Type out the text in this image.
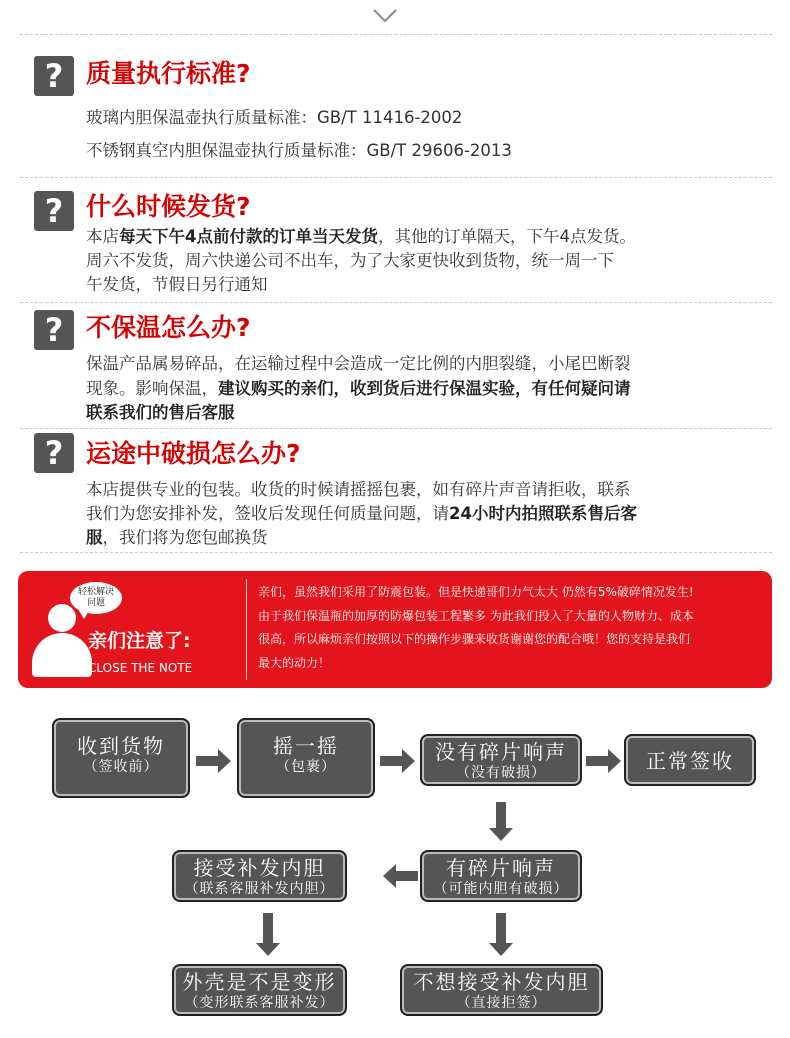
? 质量执行标准?
玻璃内胆保温壶执行质量标准：GB/T 11416-2002
不锈钢真空内胆保温壶执行质量标准：GB/T 29606-2013
? 什么时候发货?
本店每天下午4点前付款的订单当天发货，其他的订单隔天，下午4点发货。
周六不发货，周六快递公司不出车，为了大家更快收到货物，统一周一下
午发货，节假日另行通知
? 不保温怎么办?
保温产品属易碎品，在运输过程中会造成一定比例的内胆裂缝，小尾巴断裂
现象。影响保温，建议购买的亲们，收到货后进行保温实验，有任何疑问请
联系我们的售后客服
? 运途中破损怎么办?
本店提供专业的包装。收货的时候请摇摇包裹，如有碎片声音请拒收，联系
我们为您安排补发，签收后发现任何质量问题，请24小时内拍照联系售后客
服，我们将为您包邮换货
轻松解决
问题
亲们注意了:
CLOSE THE NOTE
亲们，虽然我们采用了防震包装。但是快递哥们力气太大 仍然有5%破碎情况发生!
由于我们保温瓶的加厚的防爆包装工程繁多 为此我们投入了大量的人物财力、成本
很高，所以麻烦亲们按照以下的操作步骤来收货谢谢您的配合哦！您的支持是我们
最大的动力！
收到货物
（签收前）
摇一摇
（包裹）
没有碎片响声
（没有破损）	正常签收
有碎片响声
（可能内胆有破损）
接受补发内胆
（联系客服补发内胆）
不想接受补发内胆
（直接拒签）
外壳是不是变形
（变形联系客服补发）
